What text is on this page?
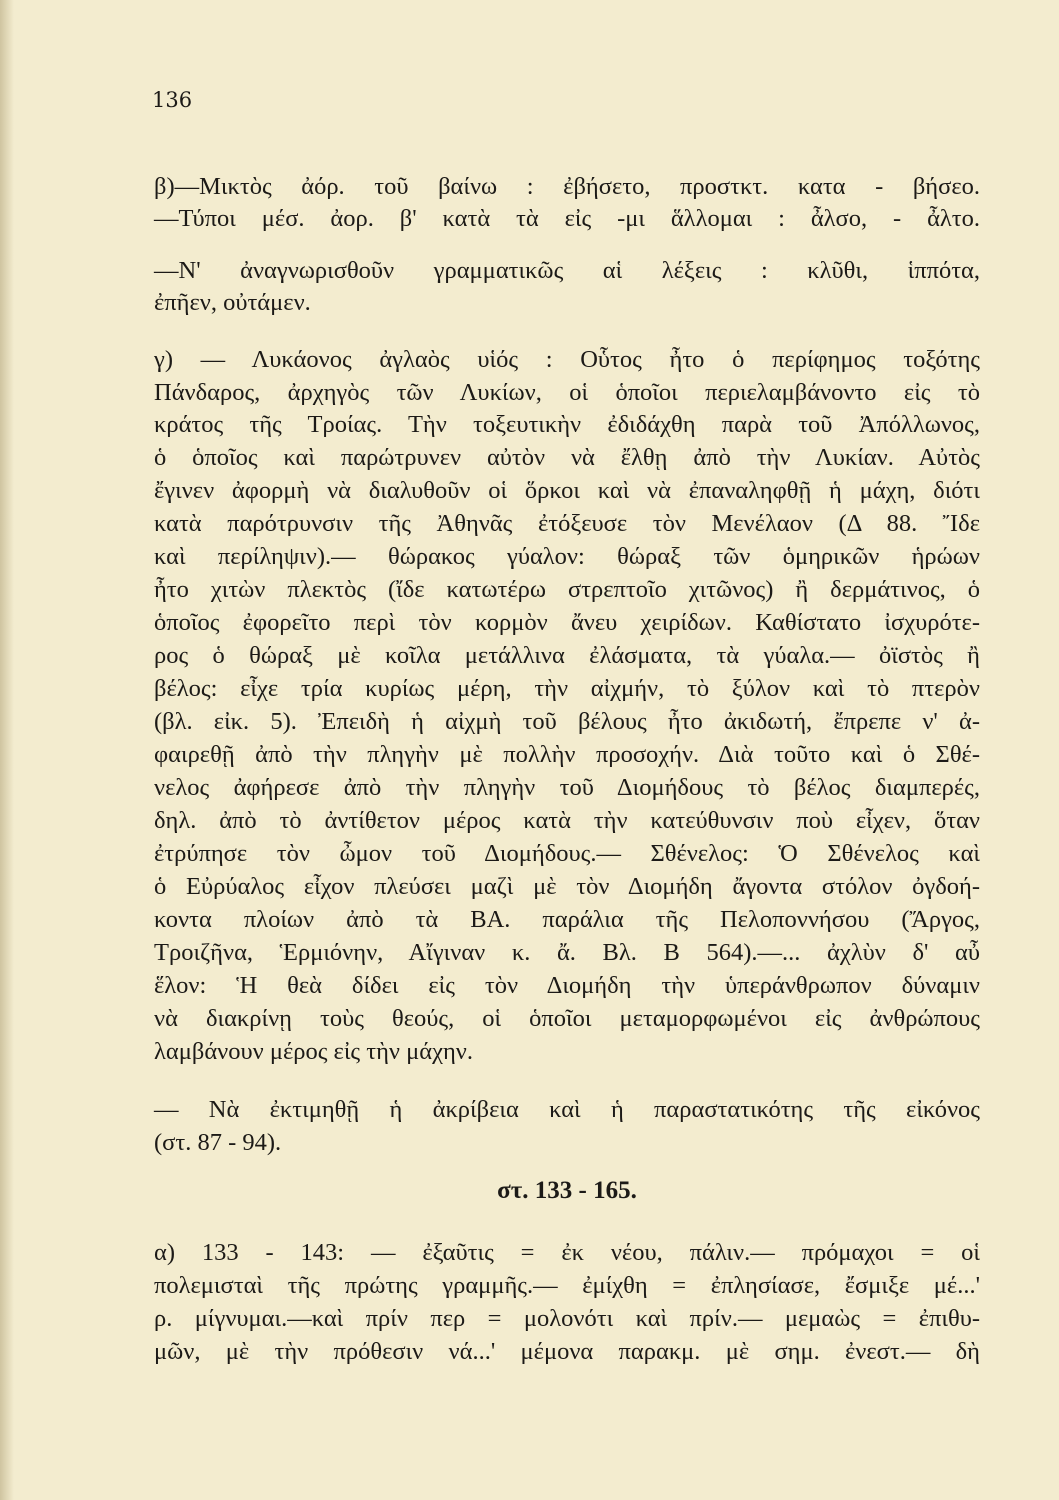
136
β)—Μικτὸς ἀόρ. τοῦ βαίνω : ἐβήσετο, προστκτ. κατα - βήσεο.
—Τύποι μέσ. ἀορ. β' κατὰ τὰ εἰς -μι ἅλλομαι : ἆλσο, - ἆλτο.
—Ν' ἀναγνωρισθοῦν γραμματικῶς αἱ λέξεις : κλῦθι, ἱππότα,
ἐπῆεν, οὐτάμεν.
γ) — Λυκάονος ἀγλαὸς υἱός : Οὗτος ἦτο ὁ περίφημος τοξότης
Πάνδαρος, ἀρχηγὸς τῶν Λυκίων, οἱ ὁποῖοι περιελαμβάνοντο εἰς τὸ
κράτος τῆς Τροίας. Τὴν τοξευτικὴν ἐδιδάχθη παρὰ τοῦ Ἀπόλλωνος,
ὁ ὁποῖος καὶ παρώτρυνεν αὐτὸν νὰ ἔλθῃ ἀπὸ τὴν Λυκίαν. Αὐτὸς
ἔγινεν ἀφορμὴ νὰ διαλυθοῦν οἱ ὅρκοι καὶ νὰ ἐπαναληφθῇ ἡ μάχη, διότι
κατὰ παρότρυνσιν τῆς Ἀθηνᾶς ἐτόξευσε τὸν Μενέλαον (Δ 88. Ἴδε
καὶ περίληψιν).— θώρακος γύαλον: θώραξ τῶν ὁμηρικῶν ἡρώων
ἦτο χιτὼν πλεκτὸς (ἴδε κατωτέρω στρεπτοῖο χιτῶνος) ἢ δερμάτινος, ὁ
ὁποῖος ἐφορεῖτο περὶ τὸν κορμὸν ἄνευ χειρίδων. Καθίστατο ἰσχυρότε-
ρος ὁ θώραξ μὲ κοῖλα μετάλλινα ἐλάσματα, τὰ γύαλα.— ὀϊστὸς ἢ
βέλος: εἶχε τρία κυρίως μέρη, τὴν αἰχμήν, τὸ ξύλον καὶ τὸ πτερὸν
(βλ. εἰκ. 5). Ἐπειδὴ ἡ αἰχμὴ τοῦ βέλους ἦτο ἀκιδωτή, ἔπρεπε ν' ἀ-
φαιρεθῇ ἀπὸ τὴν πληγὴν μὲ πολλὴν προσοχήν. Διὰ τοῦτο καὶ ὁ Σθέ-
νελος ἀφήρεσε ἀπὸ τὴν πληγὴν τοῦ Διομήδους τὸ βέλος διαμπερές,
δηλ. ἀπὸ τὸ ἀντίθετον μέρος κατὰ τὴν κατεύθυνσιν ποὺ εἶχεν, ὅταν
ἐτρύπησε τὸν ὦμον τοῦ Διομήδους.— Σθένελος: Ὁ Σθένελος καὶ
ὁ Εὐρύαλος εἶχον πλεύσει μαζὶ μὲ τὸν Διομήδη ἄγοντα στόλον ὀγδοή-
κοντα πλοίων ἀπὸ τὰ ΒΑ. παράλια τῆς Πελοποννήσου (Ἄργος,
Τροιζῆνα, Ἑρμιόνην, Αἴγιναν κ. ἄ. Βλ. Β 564).—... ἀχλὺν δ' αὖ
ἕλον: Ἡ θεὰ δίδει εἰς τὸν Διομήδη τὴν ὑπεράνθρωπον δύναμιν
νὰ διακρίνῃ τοὺς θεούς, οἱ ὁποῖοι μεταμορφωμένοι εἰς ἀνθρώπους
λαμβάνουν μέρος εἰς τὴν μάχην.
— Νὰ ἐκτιμηθῇ ἡ ἀκρίβεια καὶ ἡ παραστατικότης τῆς εἰκόνος
(στ. 87 - 94).
στ. 133 - 165.
α) 133 - 143: — ἐξαῦτις = ἐκ νέου, πάλιν.— πρόμαχοι = οἱ
πολεμισταὶ τῆς πρώτης γραμμῆς.— ἐμίχθη = ἐπλησίασε, ἔσμιξε μέ...'
ρ. μίγνυμαι.—καὶ πρίν περ = μολονότι καὶ πρίν.— μεμαὼς = ἐπιθυ-
μῶν, μὲ τὴν πρόθεσιν νά...' μέμονα παρακμ. μὲ σημ. ἐνεστ.— δὴ
